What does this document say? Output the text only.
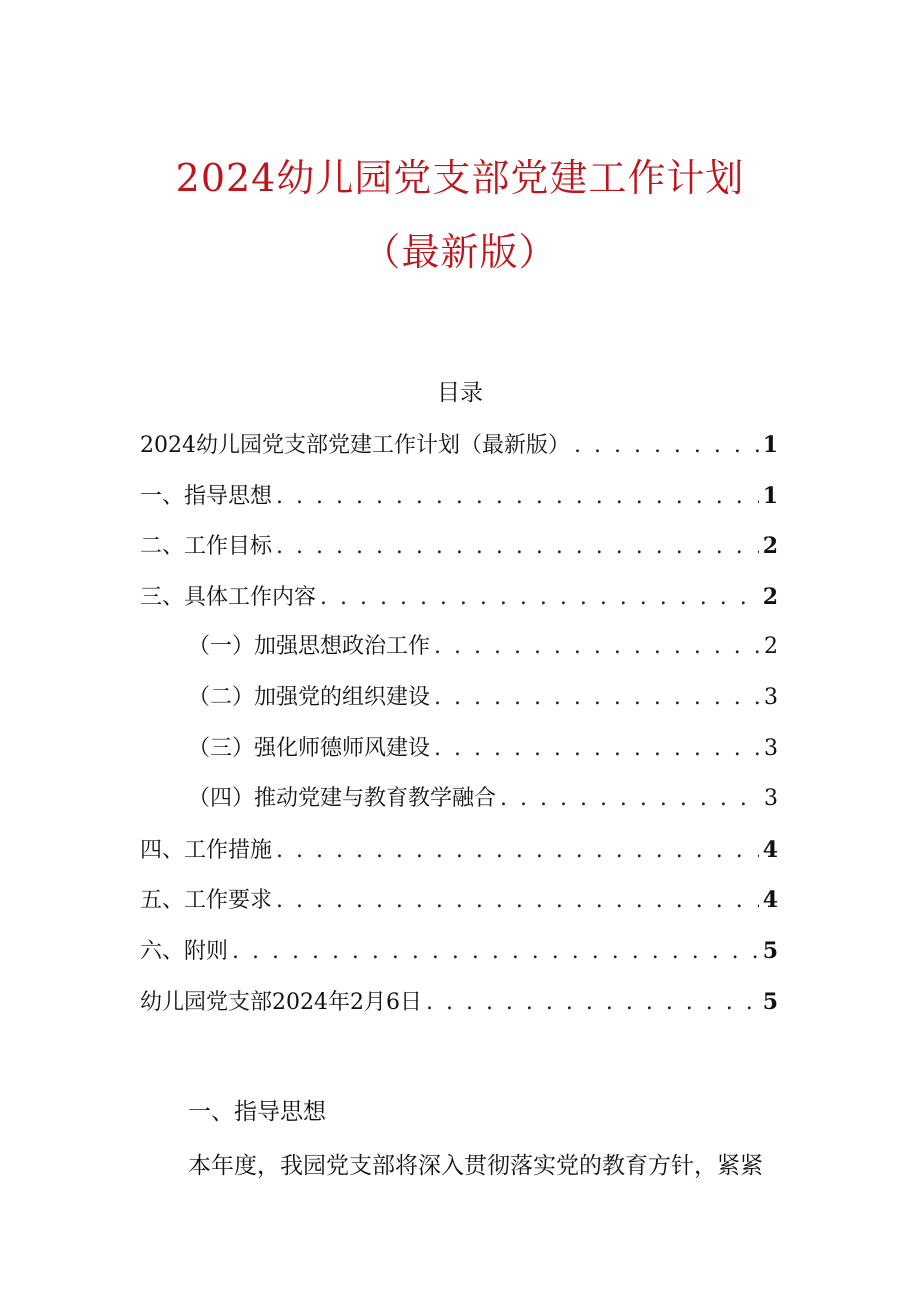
2024幼儿园党支部党建工作计划
（最新版）
目录
2024幼儿园党支部党建工作计划（最新版） . . .	1
一、指导思想 . . .	1
二、工作目标 . . .	2
三、具体工作内容 . . .	2
（一）加强思想政治工作 . . .	2
（二）加强党的组织建设 . . .	3
（三）强化师德师风建设 . . .	3
（四）推动党建与教育教学融合 . . .	3
四、工作措施 . . .	4
五、工作要求 . . .	4
六、附则 . . .	5
幼儿园党支部2024年2月6日 . . .	5
一、指导思想
本年度，我园党支部将深入贯彻落实党的教育方针，紧紧
